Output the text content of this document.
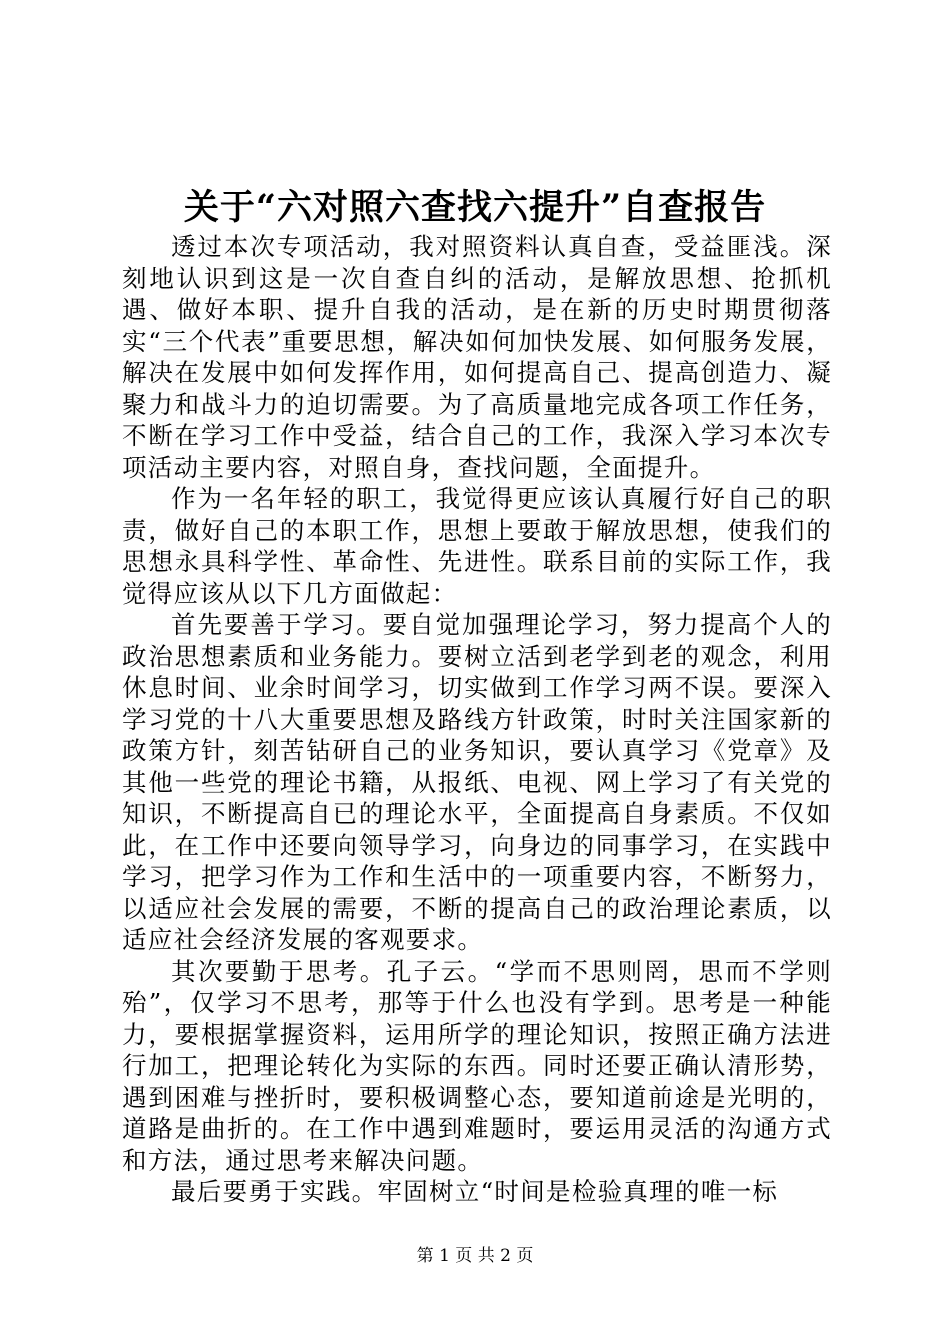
关于“六对照六查找六提升”自查报告

透过本次专项活动，我对照资料认真自查，受益匪浅。深刻地认识到这是一次自查自纠的活动，是解放思想、抢抓机遇、做好本职、提升自我的活动，是在新的历史时期贯彻落实“三个代表”重要思想，解决如何加快发展、如何服务发展，解决在发展中如何发挥作用，如何提高自己、提高创造力、凝聚力和战斗力的迫切需要。为了高质量地完成各项工作任务，不断在学习工作中受益，结合自己的工作，我深入学习本次专项活动主要内容，对照自身，查找问题，全面提升。

作为一名年轻的职工，我觉得更应该认真履行好自己的职责，做好自己的本职工作，思想上要敢于解放思想，使我们的思想永具科学性、革命性、先进性。联系目前的实际工作，我觉得应该从以下几方面做起：

首先要善于学习。要自觉加强理论学习，努力提高个人的政治思想素质和业务能力。要树立活到老学到老的观念，利用休息时间、业余时间学习，切实做到工作学习两不误。要深入学习党的十八大重要思想及路线方针政策，时时关注国家新的政策方针，刻苦钻研自己的业务知识，要认真学习《党章》及其他一些党的理论书籍，从报纸、电视、网上学习了有关党的知识，不断提高自已的理论水平，全面提高自身素质。不仅如此，在工作中还要向领导学习，向身边的同事学习，在实践中学习，把学习作为工作和生活中的一项重要内容，不断努力，以适应社会发展的需要，不断的提高自己的政治理论素质，以适应社会经济发展的客观要求。

其次要勤于思考。孔子云。“学而不思则罔，思而不学则殆”，仅学习不思考，那等于什么也没有学到。思考是一种能力，要根据掌握资料，运用所学的理论知识，按照正确方法进行加工，把理论转化为实际的东西。同时还要正确认清形势，遇到困难与挫折时，要积极调整心态，要知道前途是光明的，道路是曲折的。在工作中遇到难题时，要运用灵活的沟通方式和方法，通过思考来解决问题。

最后要勇于实践。牢固树立“时间是检验真理的唯一标

第 1 页 共 2 页
